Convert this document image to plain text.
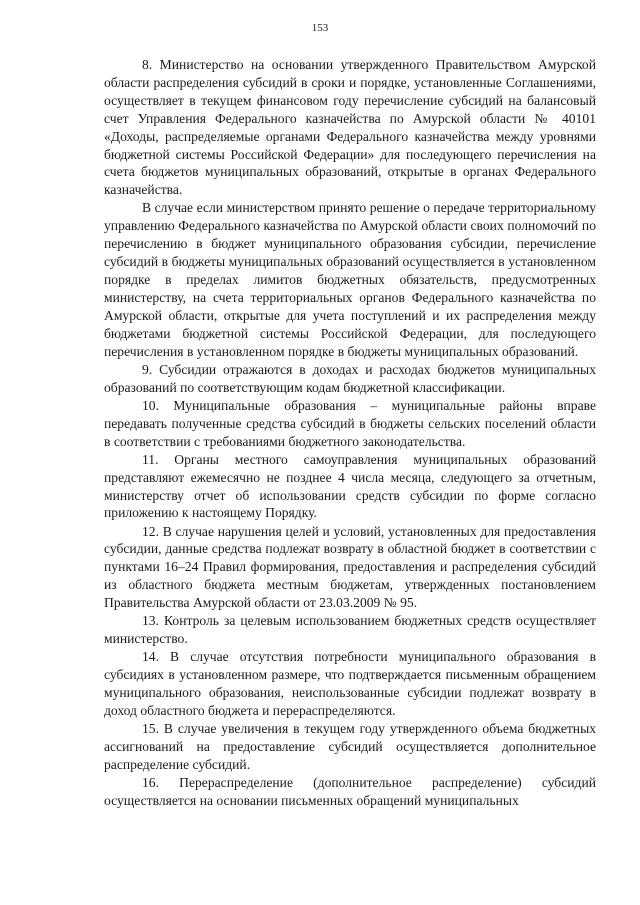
153

8. Министерство на основании утвержденного Правительством Амурской области распределения субсидий в сроки и порядке, установленные Соглашениями, осуществляет в текущем финансовом году перечисление субсидий на балансовый счет Управления Федерального казначейства по Амурской области № 40101 «Доходы, распределяемые органами Федерального казначейства между уровнями бюджетной системы Российской Федерации» для последующего перечисления на счета бюджетов муниципальных образований, открытые в органах Федерального казначейства.

В случае если министерством принято решение о передаче территориальному управлению Федерального казначейства по Амурской области своих полномочий по перечислению в бюджет муниципального образования субсидии, перечисление субсидий в бюджеты муниципальных образований осуществляется в установленном порядке в пределах лимитов бюджетных обязательств, предусмотренных министерству, на счета территориальных органов Федерального казначейства по Амурской области, открытые для учета поступлений и их распределения между бюджетами бюджетной системы Российской Федерации, для последующего перечисления в установленном порядке в бюджеты муниципальных образований.

9. Субсидии отражаются в доходах и расходах бюджетов муниципальных образований по соответствующим кодам бюджетной классификации.

10. Муниципальные образования – муниципальные районы вправе передавать полученные средства субсидий в бюджеты сельских поселений области в соответствии с требованиями бюджетного законодательства.

11. Органы местного самоуправления муниципальных образований представляют ежемесячно не позднее 4 числа месяца, следующего за отчетным, министерству отчет об использовании средств субсидии по форме согласно приложению к настоящему Порядку.

12. В случае нарушения целей и условий, установленных для предоставления субсидии, данные средства подлежат возврату в областной бюджет в соответствии с пунктами 16–24 Правил формирования, предоставления и распределения субсидий из областного бюджета местным бюджетам, утвержденных постановлением Правительства Амурской области от 23.03.2009 № 95.

13. Контроль за целевым использованием бюджетных средств осуществляет министерство.

14. В случае отсутствия потребности муниципального образования в субсидиях в установленном размере, что подтверждается письменным обращением муниципального образования, неиспользованные субсидии подлежат возврату в доход областного бюджета и перераспределяются.

15. В случае увеличения в текущем году утвержденного объема бюджетных ассигнований на предоставление субсидий осуществляется дополнительное распределение субсидий.

16. Перераспределение (дополнительное распределение) субсидий осуществляется на основании письменных обращений муниципальных
